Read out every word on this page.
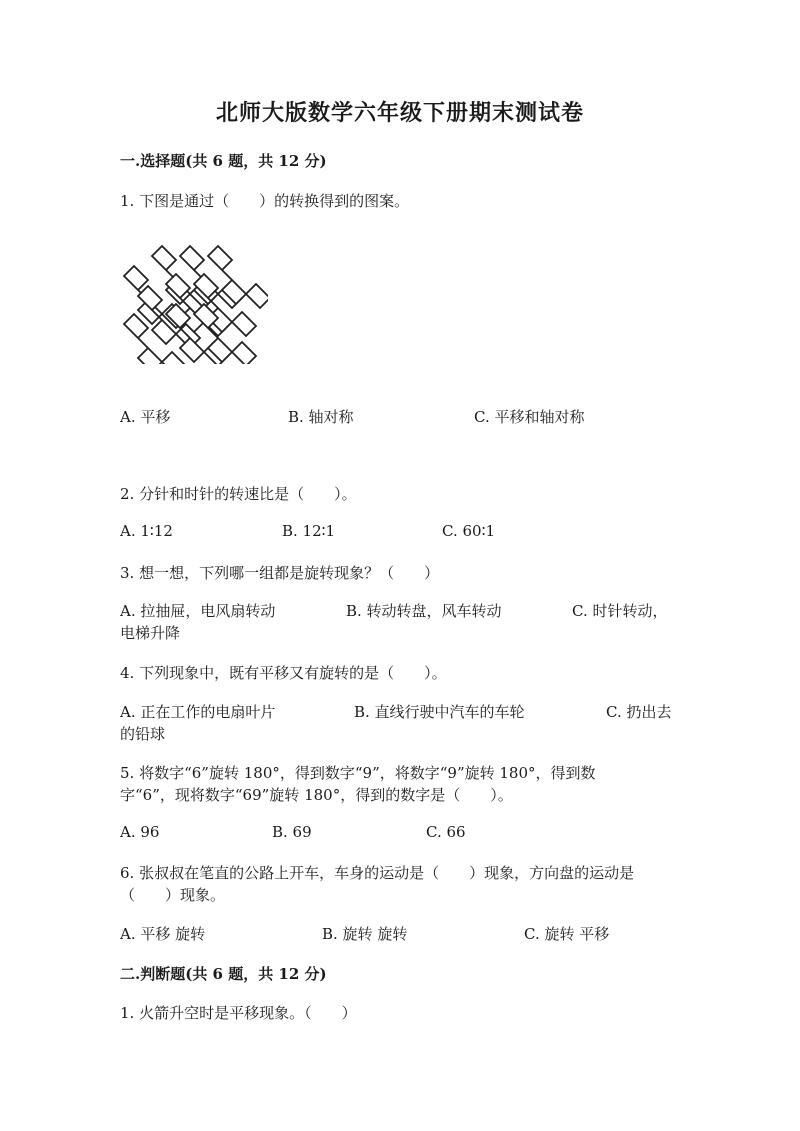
北师大版数学六年级下册期末测试卷
一.选择题(共 6 题，共 12 分)
1. 下图是通过（　　）的转换得到的图案。
A. 平移	B. 轴对称	C. 平移和轴对称
2. 分针和时针的转速比是（　　）。
A. 1∶12	B. 12∶1	C. 60∶1
3. 想一想，下列哪一组都是旋转现象？（　　）
A. 拉抽屉，电风扇转动	B. 转动转盘，风车转动	C. 时针转动，
电梯升降
4. 下列现象中，既有平移又有旋转的是（　　）。
A. 正在工作的电扇叶片	B. 直线行驶中汽车的车轮	C. 扔出去
的铅球
5. 将数字“6”旋转 180°，得到数字“9”，将数字“9”旋转 180°，得到数
字“6”，现将数字“69”旋转 180°，得到的数字是（　　）。
A. 96	B. 69	C. 66
6. 张叔叔在笔直的公路上开车，车身的运动是（　　）现象，方向盘的运动是
（　　）现象。
A. 平移 旋转	B. 旋转 旋转	C. 旋转 平移
二.判断题(共 6 题，共 12 分)
1. 火箭升空时是平移现象。（　　）
